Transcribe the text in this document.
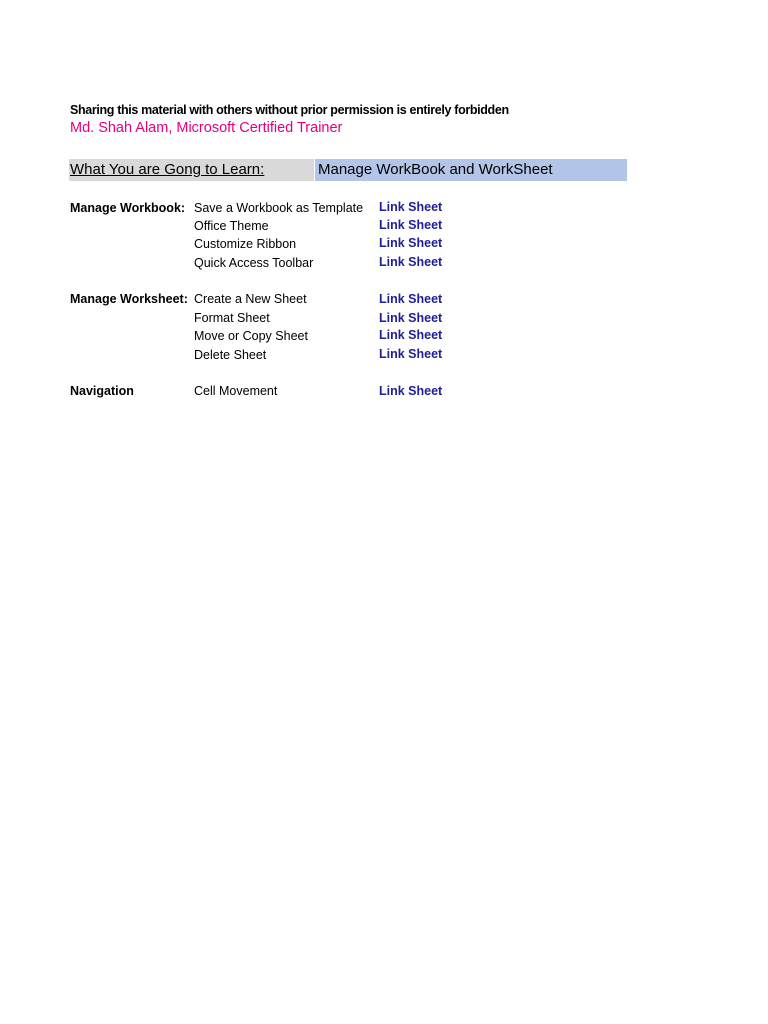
Sharing this material with others without prior permission is entirely forbidden
Md. Shah Alam, Microsoft Certified Trainer
What You are Gong to Learn:	Manage WorkBook and WorkSheet
Manage Workbook: Save a Workbook as Template Link Sheet
Office Theme	Link Sheet
Customize Ribbon	Link Sheet
Quick Access Toolbar	Link Sheet
Manage Worksheet: Create a New Sheet	Link Sheet
Format Sheet	Link Sheet
Move or Copy Sheet	Link Sheet
Delete Sheet	Link Sheet
Navigation	Cell Movement	Link Sheet
